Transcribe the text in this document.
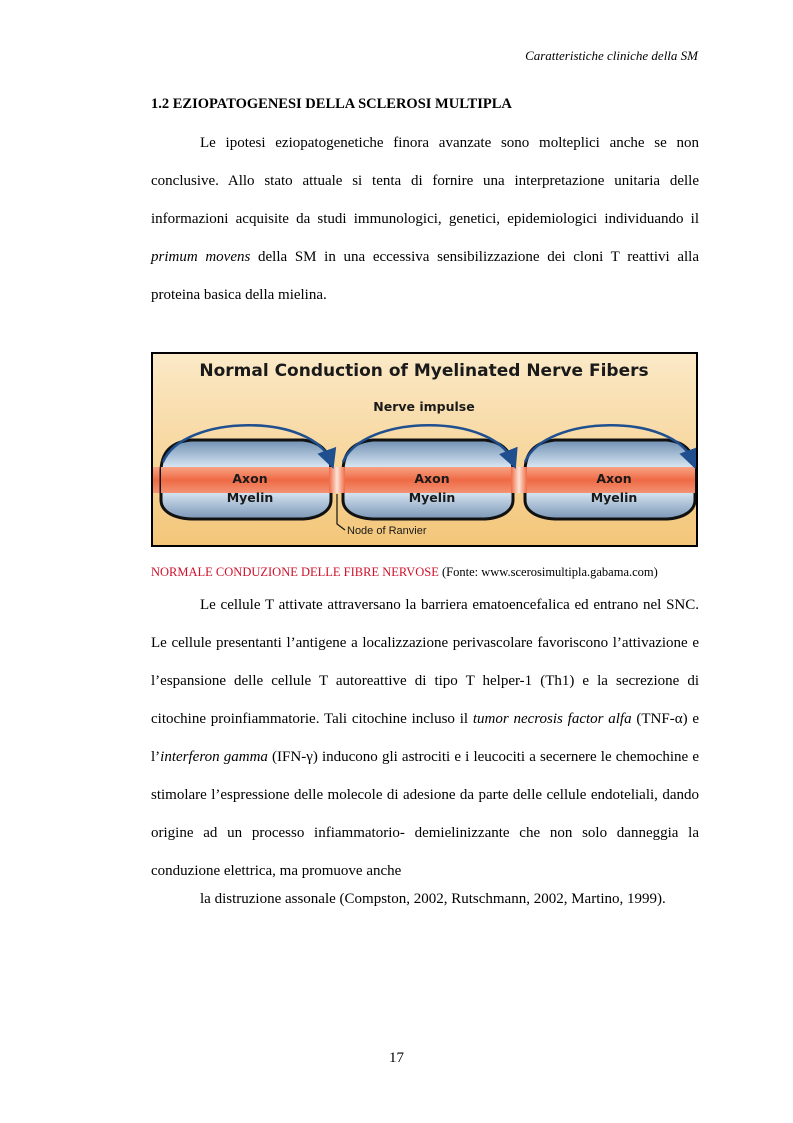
Caratteristiche cliniche della SM
1.2 EZIOPATOGENESI DELLA SCLEROSI MULTIPLA

Le ipotesi eziopatogenetiche finora avanzate sono molteplici anche se non conclusive. Allo stato attuale si tenta di fornire una interpretazione unitaria delle informazioni acquisite da studi immunologici, genetici, epidemiologici individuando il primum movens della SM in una eccessiva sensibilizzazione dei cloni T reattivi alla proteina basica della mielina.

Normal Conduction of Myelinated Nerve Fibers
Nerve impulse
Axon	Axon	Axon
Myelin	Myelin	Myelin
Node of Ranvier
NORMALE CONDUZIONE DELLE FIBRE NERVOSE (Fonte: www.scerosimultipla.gabama.com)

Le cellule T attivate attraversano la barriera ematoencefalica ed entrano nel SNC. Le cellule presentanti l’antigene a localizzazione perivascolare favoriscono l’attivazione e l’espansione delle cellule T autoreattive di tipo T helper-1 (Th1) e la secrezione di citochine proinfiammatorie. Tali citochine incluso il tumor necrosis factor alfa (TNF-α) e l’interferon gamma (IFN-γ) inducono gli astrociti e i leucociti a secernere le chemochine e stimolare l’espressione delle molecole di adesione da parte delle cellule endoteliali, dando origine ad un processo infiammatorio- demielinizzante che non solo danneggia la conduzione elettrica, ma promuove anche

la distruzione assonale (Compston, 2002, Rutschmann, 2002, Martino, 1999).
17
